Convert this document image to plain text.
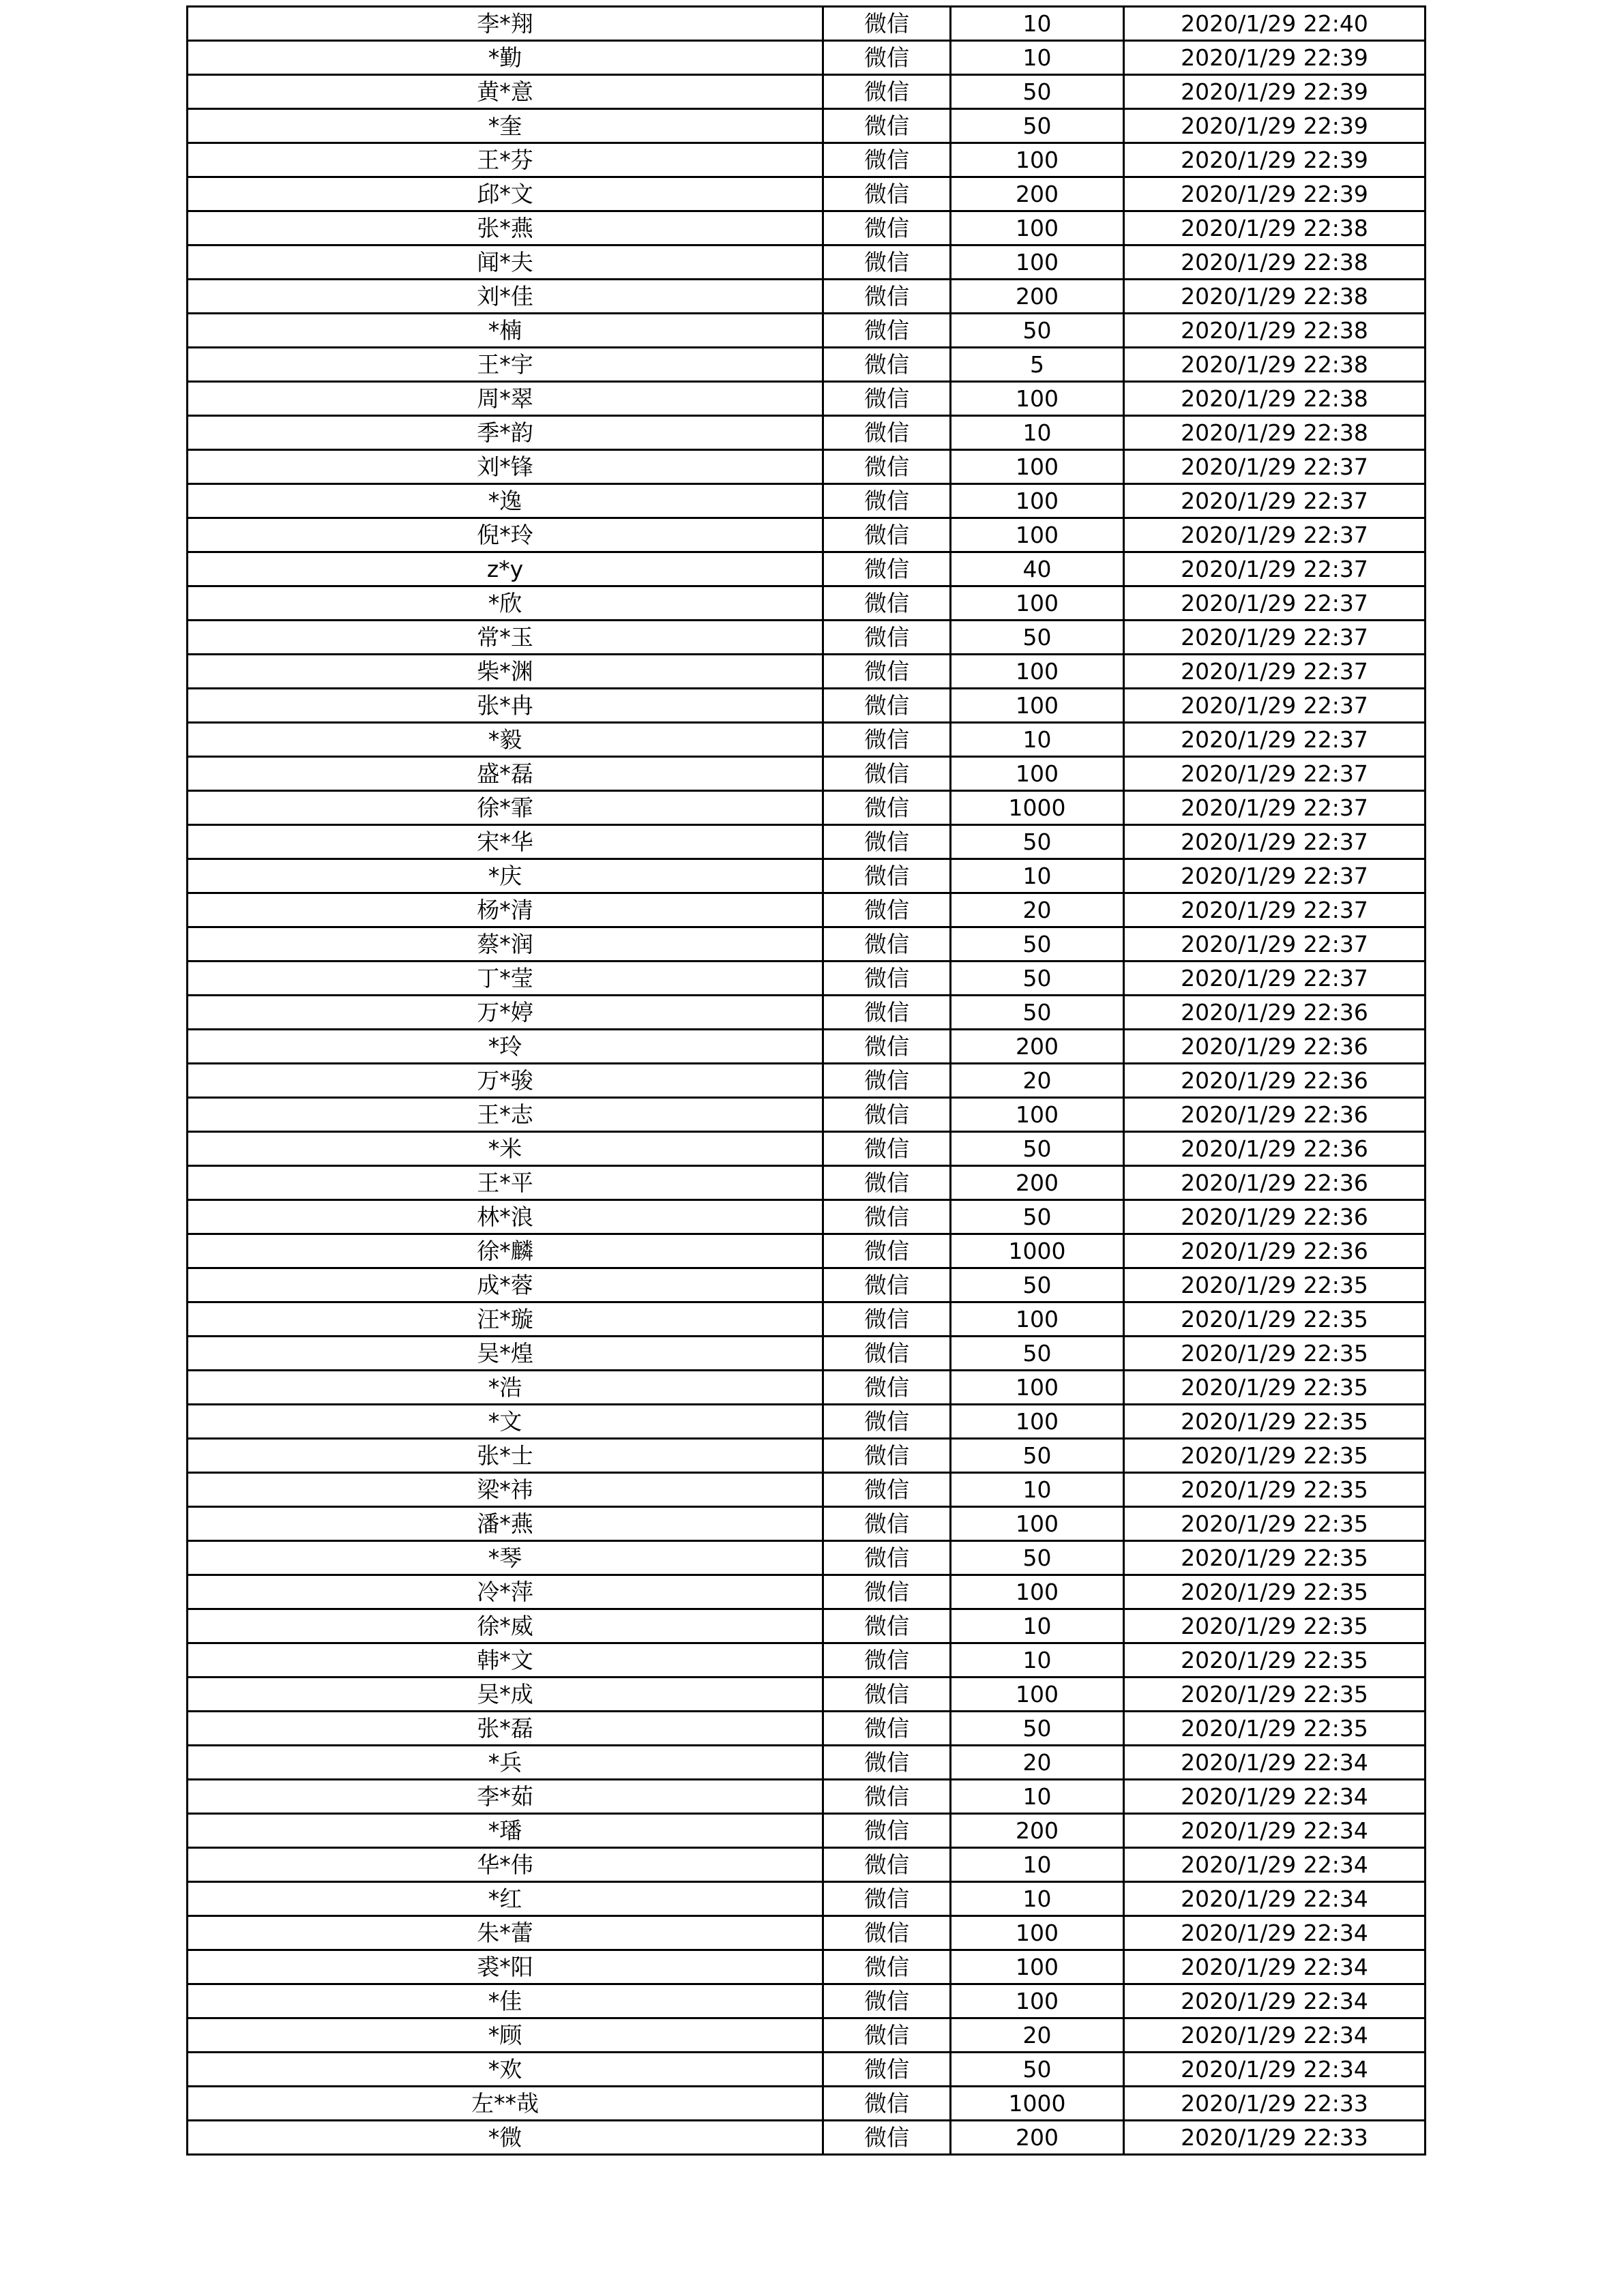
李*翔	微信	10	2020/1/29 22:40
*勤	微信	10	2020/1/29 22:39
黄*意	微信	50	2020/1/29 22:39
*奎	微信	50	2020/1/29 22:39
王*芬	微信	100	2020/1/29 22:39
邱*文	微信	200	2020/1/29 22:39
张*燕	微信	100	2020/1/29 22:38
闻*夫	微信	100	2020/1/29 22:38
刘*佳	微信	200	2020/1/29 22:38
*楠	微信	50	2020/1/29 22:38
王*宇	微信	5	2020/1/29 22:38
周*翠	微信	100	2020/1/29 22:38
季*韵	微信	10	2020/1/29 22:38
刘*锋	微信	100	2020/1/29 22:37
*逸	微信	100	2020/1/29 22:37
倪*玲	微信	100	2020/1/29 22:37
z*y	微信	40	2020/1/29 22:37
*欣	微信	100	2020/1/29 22:37
常*玉	微信	50	2020/1/29 22:37
柴*渊	微信	100	2020/1/29 22:37
张*冉	微信	100	2020/1/29 22:37
*毅	微信	10	2020/1/29 22:37
盛*磊	微信	100	2020/1/29 22:37
徐*霏	微信	1000	2020/1/29 22:37
宋*华	微信	50	2020/1/29 22:37
*庆	微信	10	2020/1/29 22:37
杨*清	微信	20	2020/1/29 22:37
蔡*润	微信	50	2020/1/29 22:37
丁*莹	微信	50	2020/1/29 22:37
万*婷	微信	50	2020/1/29 22:36
*玲	微信	200	2020/1/29 22:36
万*骏	微信	20	2020/1/29 22:36
王*志	微信	100	2020/1/29 22:36
*米	微信	50	2020/1/29 22:36
王*平	微信	200	2020/1/29 22:36
林*浪	微信	50	2020/1/29 22:36
徐*麟	微信	1000	2020/1/29 22:36
成*蓉	微信	50	2020/1/29 22:35
汪*璇	微信	100	2020/1/29 22:35
吴*煌	微信	50	2020/1/29 22:35
*浩	微信	100	2020/1/29 22:35
*文	微信	100	2020/1/29 22:35
张*士	微信	50	2020/1/29 22:35
梁*祎	微信	10	2020/1/29 22:35
潘*燕	微信	100	2020/1/29 22:35
*琴	微信	50	2020/1/29 22:35
冷*萍	微信	100	2020/1/29 22:35
徐*威	微信	10	2020/1/29 22:35
韩*文	微信	10	2020/1/29 22:35
吴*成	微信	100	2020/1/29 22:35
张*磊	微信	50	2020/1/29 22:35
*兵	微信	20	2020/1/29 22:34
李*茹	微信	10	2020/1/29 22:34
*璠	微信	200	2020/1/29 22:34
华*伟	微信	10	2020/1/29 22:34
*红	微信	10	2020/1/29 22:34
朱*蕾	微信	100	2020/1/29 22:34
裘*阳	微信	100	2020/1/29 22:34
*佳	微信	100	2020/1/29 22:34
*顾	微信	20	2020/1/29 22:34
*欢	微信	50	2020/1/29 22:34
左**哉	微信	1000	2020/1/29 22:33
*微	微信	200	2020/1/29 22:33
